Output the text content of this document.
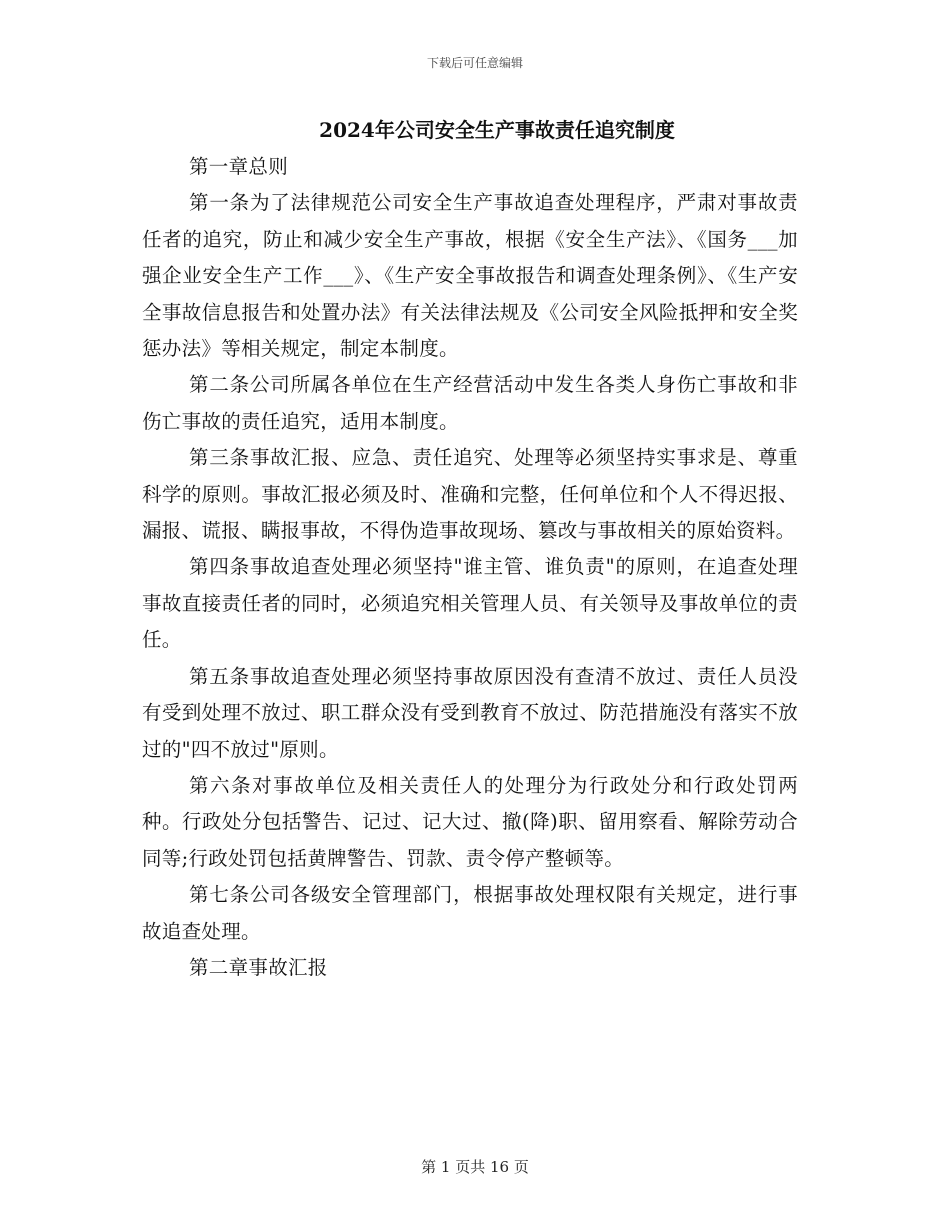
下载后可任意编辑
2024年公司安全生产事故责任追究制度

第一章总则

第一条为了法律规范公司安全生产事故追查处理程序，严肃对事故责任者的追究，防止和减少安全生产事故，根据《安全生产法》、《国务___加强企业安全生产工作___》、《生产安全事故报告和调查处理条例》、《生产安全事故信息报告和处置办法》有关法律法规及《公司安全风险抵押和安全奖惩办法》等相关规定，制定本制度。

第二条公司所属各单位在生产经营活动中发生各类人身伤亡事故和非伤亡事故的责任追究，适用本制度。

第三条事故汇报、应急、责任追究、处理等必须坚持实事求是、尊重科学的原则。事故汇报必须及时、准确和完整，任何单位和个人不得迟报、漏报、谎报、瞒报事故，不得伪造事故现场、篡改与事故相关的原始资料。

第四条事故追查处理必须坚持"谁主管、谁负责"的原则，在追查处理事故直接责任者的同时，必须追究相关管理人员、有关领导及事故单位的责任。

第五条事故追查处理必须坚持事故原因没有查清不放过、责任人员没有受到处理不放过、职工群众没有受到教育不放过、防范措施没有落实不放过的"四不放过"原则。

第六条对事故单位及相关责任人的处理分为行政处分和行政处罚两种。行政处分包括警告、记过、记大过、撤(降)职、留用察看、解除劳动合同等;行政处罚包括黄牌警告、罚款、责令停产整顿等。

第七条公司各级安全管理部门，根据事故处理权限有关规定，进行事故追查处理。

第二章事故汇报

第 1 页共 16 页
